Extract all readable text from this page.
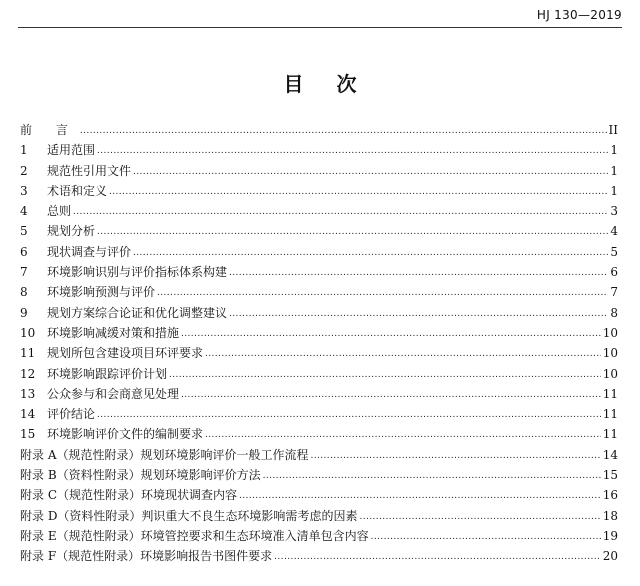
HJ 130—2019
目 次
前 言 .....	II
1	适用范围 .....	1
2	规范性引用文件 .....	1
3	术语和定义 .....	1
4	总则 .....	3
5	规划分析 .....	4
6	现状调查与评价 .....	5
7	环境影响识别与评价指标体系构建 .....	6
8	环境影响预测与评价 .....	7
9	规划方案综合论证和优化调整建议 .....	8
10 环境影响减缓对策和措施 .....	10
11 规划所包含建设项目环评要求 .....	10
12 环境影响跟踪评价计划 .....	10
13 公众参与和会商意见处理 .....	11
14 评价结论 .....	11
15 环境影响评价文件的编制要求 .....	11
附录 A（规范性附录）规划环境影响评价一般工作流程 .....	14
附录 B（资料性附录）规划环境影响评价方法 .....	15
附录 C（规范性附录）环境现状调查内容 .....	16
附录 D（资料性附录）判识重大不良生态环境影响需考虑的因素 .....	18
附录 E（规范性附录）环境管控要求和生态环境准入清单包含内容 .....	19
附录 F（规范性附录）环境影响报告书图件要求 .....	20
